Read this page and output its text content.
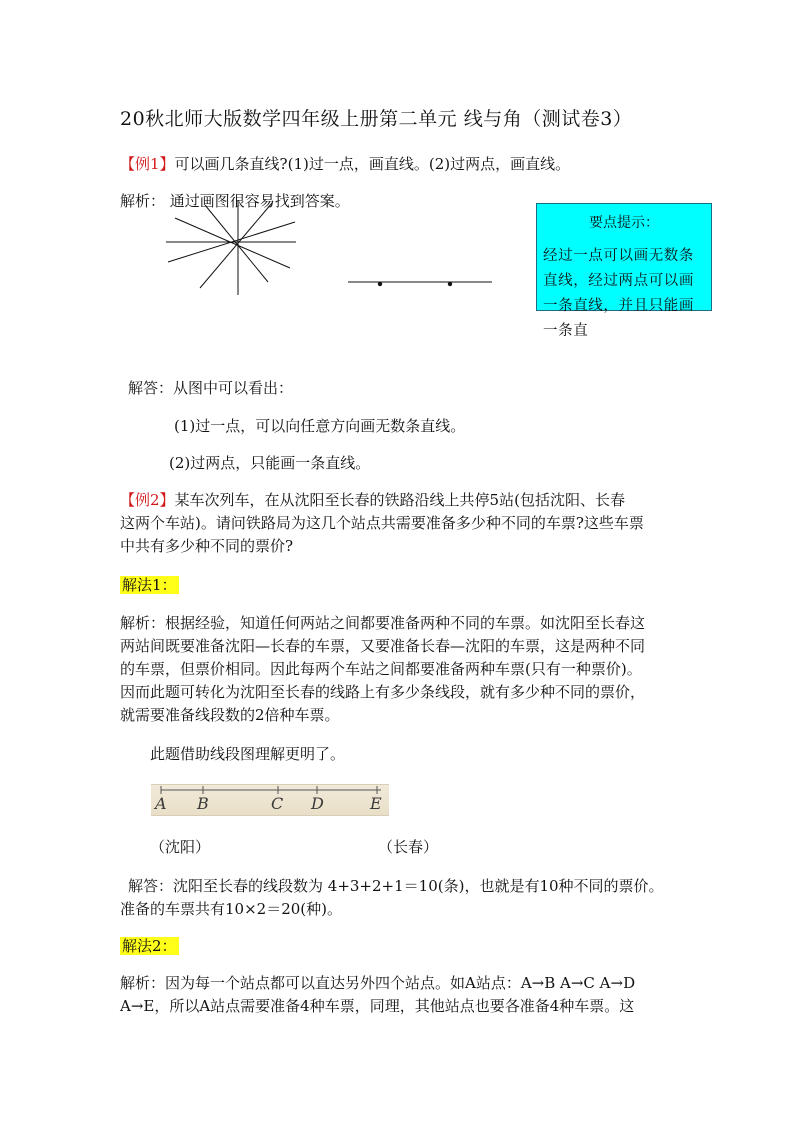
20秋北师大版数学四年级上册第二单元 线与角（测试卷3）
【例1】可以画几条直线?(1)过一点，画直线。(2)过两点，画直线。
解析： 通过画图很容易找到答案。
要点提示：
经过一点可以画无数条直线，经过两点可以画一条直线，并且只能画一条直
解答：从图中可以看出：
(1)过一点，可以向任意方向画无数条直线。
(2)过两点，只能画一条直线。
【例2】某车次列车，在从沈阳至长春的铁路沿线上共停5站(包括沈阳、长春
这两个车站)。请问铁路局为这几个站点共需要准备多少种不同的车票?这些车票
中共有多少种不同的票价?
解法1：
解析：根据经验，知道任何两站之间都要准备两种不同的车票。如沈阳至长春这
两站间既要准备沈阳—长春的车票，又要准备长春—沈阳的车票，这是两种不同
的车票，但票价相同。因此每两个车站之间都要准备两种车票(只有一种票价)。
因而此题可转化为沈阳至长春的线路上有多少条线段，就有多少种不同的票价，
就需要准备线段数的2倍种车票。
此题借助线段图理解更明了。
A B	C D	E
（沈阳）	（长春）
解答：沈阳至长春的线段数为 4+3+2+1＝10(条)，也就是有10种不同的票价。
准备的车票共有10×2＝20(种)。
解法2：
解析：因为每一个站点都可以直达另外四个站点。如A站点：A→B A→C A→D
A→E，所以A站点需要准备4种车票，同理，其他站点也要各准备4种车票。这
